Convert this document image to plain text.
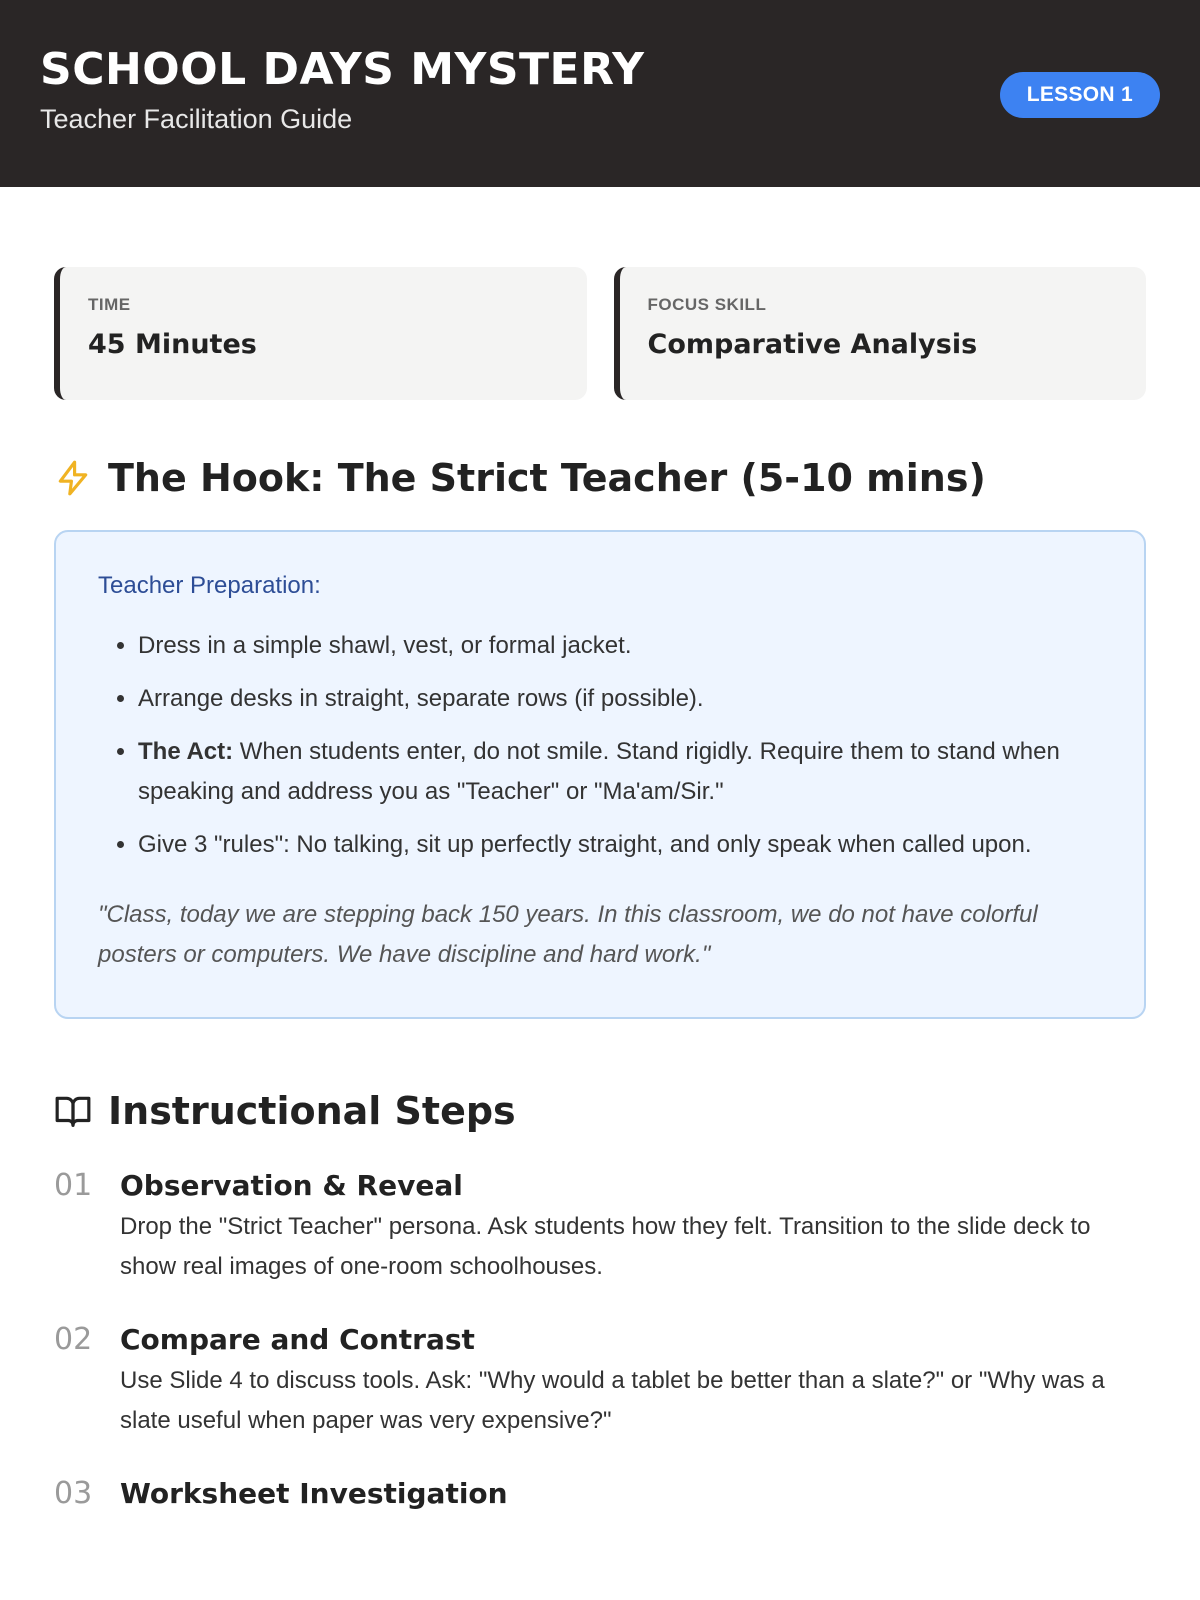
SCHOOL DAYS MYSTERY
Teacher Facilitation Guide
LESSON 1
TIME
45 Minutes
FOCUS SKILL
Comparative Analysis
The Hook: The Strict Teacher (5-10 mins)
Teacher Preparation:
• Dress in a simple shawl, vest, or formal jacket.
• Arrange desks in straight, separate rows (if possible).
• The Act: When students enter, do not smile. Stand rigidly. Require them to stand when speaking and address you as "Teacher" or "Ma'am/Sir."
• Give 3 "rules": No talking, sit up perfectly straight, and only speak when called upon.
"Class, today we are stepping back 150 years. In this classroom, we do not have colorful posters or computers. We have discipline and hard work."
Instructional Steps
01 Observation & Reveal
Drop the "Strict Teacher" persona. Ask students how they felt. Transition to the slide deck to show real images of one-room schoolhouses.
02 Compare and Contrast
Use Slide 4 to discuss tools. Ask: "Why would a tablet be better than a slate?" or "Why was a slate useful when paper was very expensive?"
03 Worksheet Investigation
